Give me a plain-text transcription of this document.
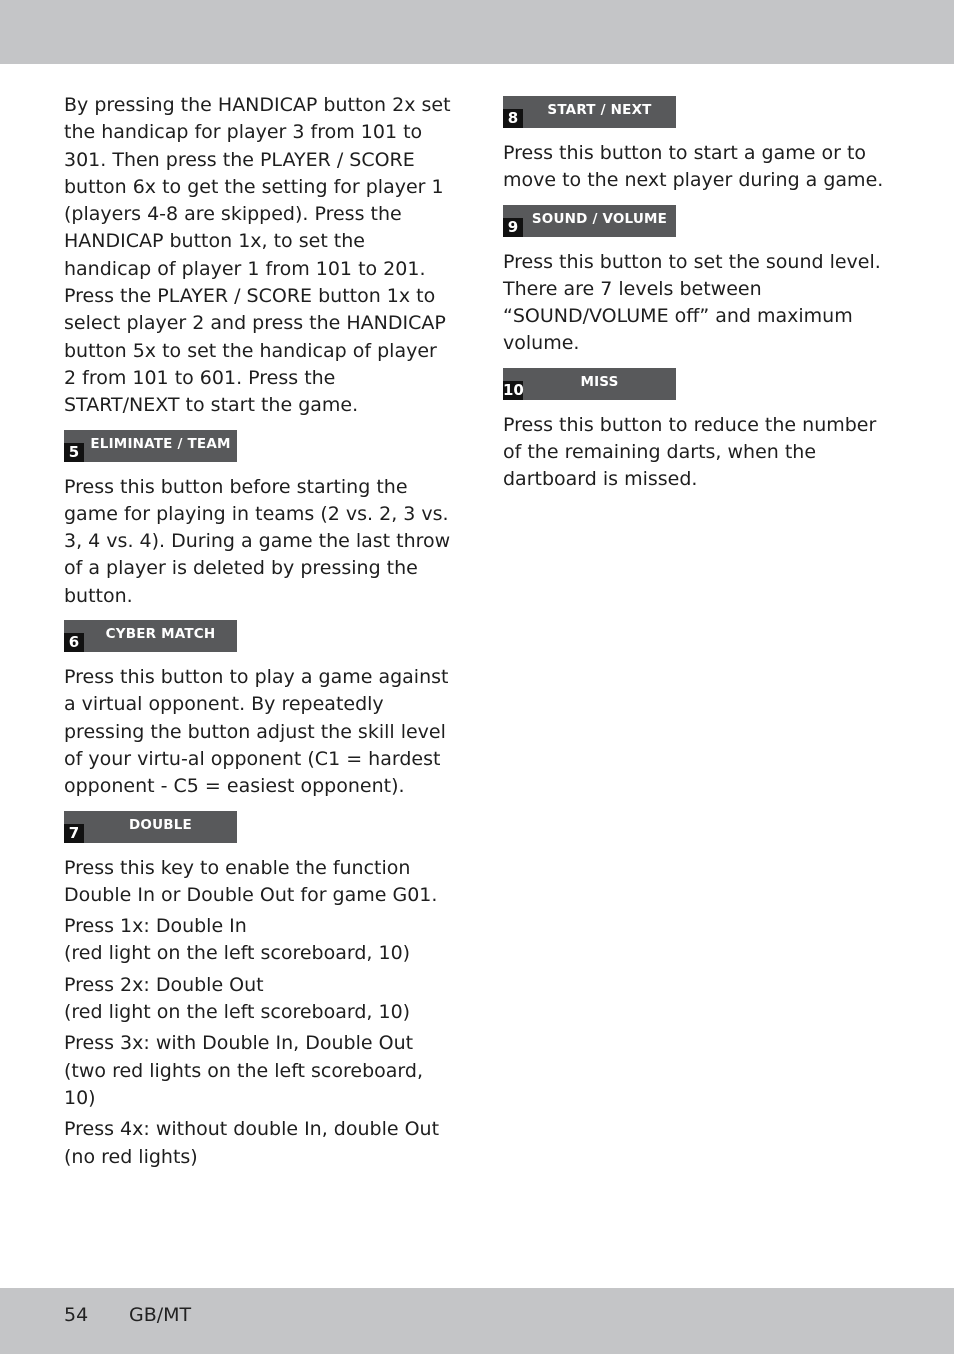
By pressing the HANDICAP button 2x set the handicap for player 3 from 101 to 301. Then press the PLAYER / SCORE button 6x to get the setting for player 1 (players 4-8 are skipped). Press the HANDICAP button 1x, to set the handicap of player 1 from 101 to 201. Press the PLAYER / SCORE button 1x to select player 2 and press the HANDICAP button 5x to set the handicap of player 2 from 101 to 601. Press the START/NEXT to start the game.

5 ELIMINATE / TEAM

Press this button before starting the game for playing in teams (2 vs. 2, 3 vs. 3, 4 vs. 4). During a game the last throw of a player is deleted by pressing the button.

6	CYBER MATCH

Press this button to play a game against a virtual opponent. By repeatedly pressing the button adjust the skill level of your virtu-al opponent (C1 = hardest opponent - C5 = easiest opponent).

7	DOUBLE

Press this key to enable the function Double In or Double Out for game G01.

Press 1x: Double In
(red light on the left scoreboard, 10)

Press 2x: Double Out
(red light on the left scoreboard, 10)

Press 3x: with Double In, Double Out
(two red lights on the left scoreboard, 10)

Press 4x: without double In, double Out
(no red lights)

8	START / NEXT

Press this button to start a game or to move to the next player during a game.

9	SOUND / VOLUME

Press this button to set the sound level. There are 7 levels between “SOUND/VOLUME off” and maximum volume.

10	MISS

Press this button to reduce the number of the remaining darts, when the dartboard is missed.

54 GB/MT
